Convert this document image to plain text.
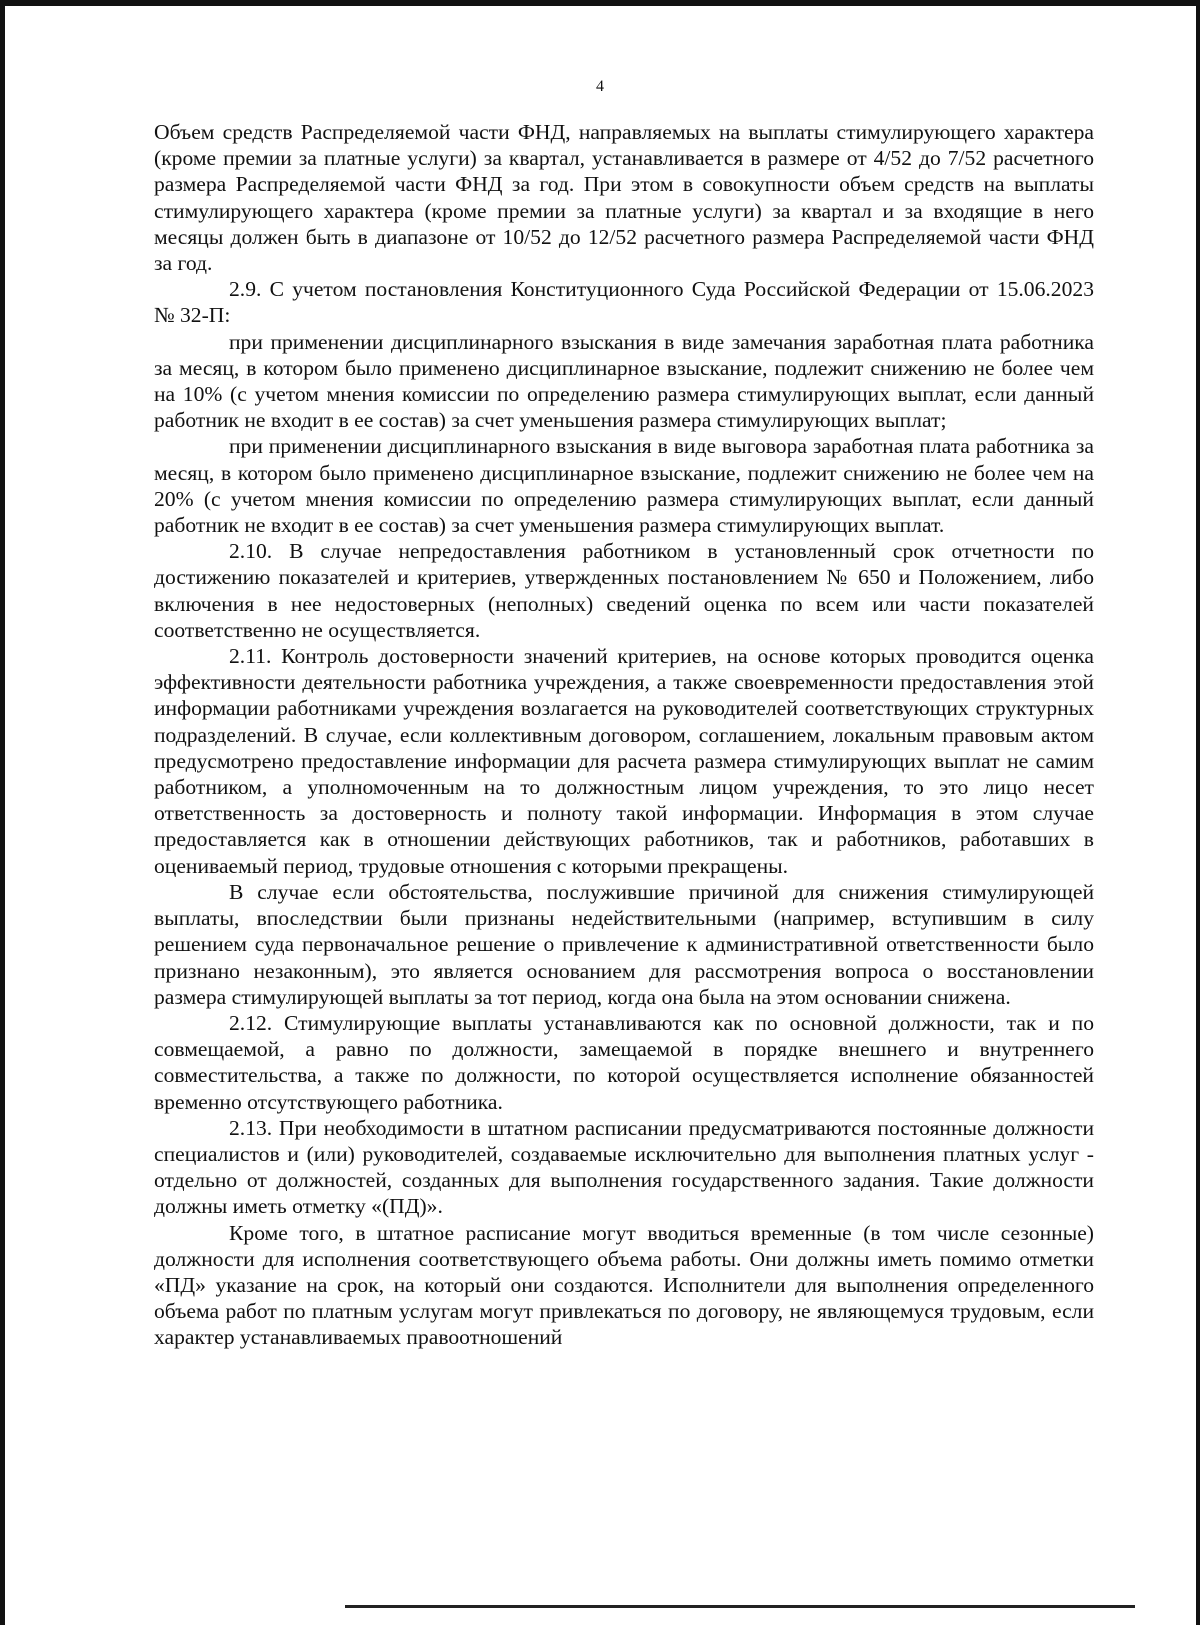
4

Объем средств Распределяемой части ФНД, направляемых на выплаты стимулирующего характера (кроме премии за платные услуги) за квартал, устанавливается в размере от 4/52 до 7/52 расчетного размера Распределяемой части ФНД за год. При этом в совокупности объем средств на выплаты стимулирующего характера (кроме премии за платные услуги) за квартал и за входящие в него месяцы должен быть в диапазоне от 10/52 до 12/52 расчетного размера Распределяемой части ФНД за год.

2.9. С учетом постановления Конституционного Суда Российской Федерации от 15.06.2023 № 32-П:

при применении дисциплинарного взыскания в виде замечания заработная плата работника за месяц, в котором было применено дисциплинарное взыскание, подлежит снижению не более чем на 10% (с учетом мнения комиссии по определению размера стимулирующих выплат, если данный работник не входит в ее состав) за счет уменьшения размера стимулирующих выплат;

при применении дисциплинарного взыскания в виде выговора заработная плата работника за месяц, в котором было применено дисциплинарное взыскание, подлежит снижению не более чем на 20% (с учетом мнения комиссии по определению размера стимулирующих выплат, если данный работник не входит в ее состав) за счет уменьшения размера стимулирующих выплат.

2.10. В случае непредоставления работником в установленный срок отчетности по достижению показателей и критериев, утвержденных постановлением № 650 и Положением, либо включения в нее недостоверных (неполных) сведений оценка по всем или части показателей соответственно не осуществляется.

2.11. Контроль достоверности значений критериев, на основе которых проводится оценка эффективности деятельности работника учреждения, а также своевременности предоставления этой информации работниками учреждения возлагается на руководителей соответствующих структурных подразделений. В случае, если коллективным договором, соглашением, локальным правовым актом предусмотрено предоставление информации для расчета размера стимулирующих выплат не самим работником, а уполномоченным на то должностным лицом учреждения, то это лицо несет ответственность за достоверность и полноту такой информации. Информация в этом случае предоставляется как в отношении действующих работников, так и работников, работавших в оцениваемый период, трудовые отношения с которыми прекращены.

В случае если обстоятельства, послужившие причиной для снижения стимулирующей выплаты, впоследствии были признаны недействительными (например, вступившим в силу решением суда первоначальное решение о привлечение к административной ответственности было признано незаконным), это является основанием для рассмотрения вопроса о восстановлении размера стимулирующей выплаты за тот период, когда она была на этом основании снижена.

2.12. Стимулирующие выплаты устанавливаются как по основной должности, так и по совмещаемой, а равно по должности, замещаемой в порядке внешнего и внутреннего совместительства, а также по должности, по которой осуществляется исполнение обязанностей временно отсутствующего работника.

2.13. При необходимости в штатном расписании предусматриваются постоянные должности специалистов и (или) руководителей, создаваемые исключительно для выполнения платных услуг - отдельно от должностей, созданных для выполнения государственного задания. Такие должности должны иметь отметку «(ПД)».

Кроме того, в штатное расписание могут вводиться временные (в том числе сезонные) должности для исполнения соответствующего объема работы. Они должны иметь помимо отметки «ПД» указание на срок, на который они создаются. Исполнители для выполнения определенного объема работ по платным услугам могут привлекаться по договору, не являющемуся трудовым, если характер устанавливаемых правоотношений
